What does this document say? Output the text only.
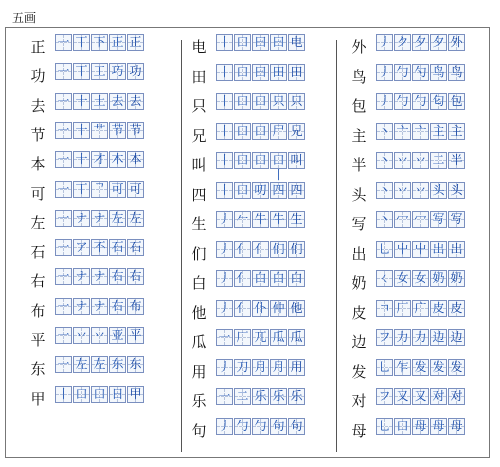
五画
正 一 丅 下 正 正
功 一 丅 工 巧 功
去 一 十 土 去 去
节 一 十 艹 节 节
本 一 十 才 木 本
可 一 丅 ᄀ 可 可
左 一 ナ ナ 左 左
石 一 ア 不 石 石
右 一 ナ ナ 右 右
布 一 ナ ナ 右 布
平 一 丷 丷 亚 平
东 一 左 左 东 东
甲 丨 口 口 日 甲
电 丨 口 曰 曰 电
田 丨 口 曰 田 田
只 丨 口 口 只 只
兄 丨 口 口 尸 兄
叫 丨 口 口 口丨
叫
四 丨 口 叨 四 四
生 丿 𠂉 牛 牛 生
们 丿 亻 亻 们 们
白 丿 亻 白 白 白
他 丿 亻 仆 仲 他
瓜 一 厂 兀 瓜 瓜
用 丿 刀 月 月 用
乐 一 二 乐 乐 乐
句 丿 勹 勹 句 句
外 丿 ク 夕 夕 外
鸟 丿 勹 勺 鸟 鸟
包 丿 勹 勹 匂 包
主 丶 亠 亠 主 主
半 丶 丷 丷 二 半
头 丶 丷 丷 头 头
写 丶 冖 冖 写 写
出 乚 屮 屮 出 出
奶 ㄑ 女 女 奶 奶
皮	ㄱ 厂 广 皮 皮
边 フ 力 力 边 边
发 乚 乍 发 发 发
对 フ 又 又 对 对
母 乚 口 母 母 母
